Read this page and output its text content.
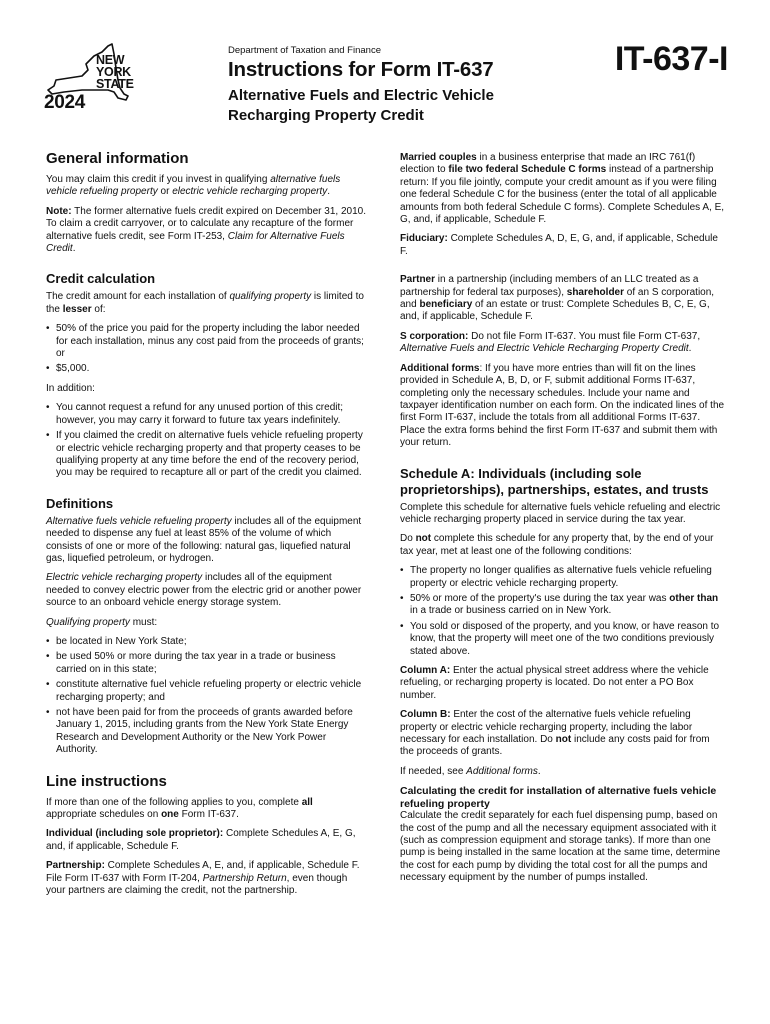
NEW
YORK
STATE
2024
Department of Taxation and Finance
Instructions for Form IT-637
Alternative Fuels and Electric Vehicle Recharging Property Credit
IT-637-I
General information

You may claim this credit if you invest in qualifying alternative fuels vehicle refueling property or electric vehicle recharging property.

Note: The former alternative fuels credit expired on December 31, 2010. To claim a credit carryover, or to calculate any recapture of the former alternative fuels credit, see Form IT-253, Claim for Alternative Fuels Credit.

Credit calculation

The credit amount for each installation of qualifying property is limited to the lesser of:

• 50% of the price you paid for the property including the labor needed for each installation, minus any cost paid from the proceeds of grants; or
• $5,000.

In addition:

• You cannot request a refund for any unused portion of this credit; however, you may carry it forward to future tax years indefinitely.
• If you claimed the credit on alternative fuels vehicle refueling property or electric vehicle recharging property and that property ceases to be qualifying property at any time before the end of the recovery period, you may be required to recapture all or part of the credit you claimed.
Definitions

Alternative fuels vehicle refueling property includes all of the equipment needed to dispense any fuel at least 85% of the volume of which consists of one or more of the following: natural gas, liquefied natural gas, liquefied petroleum, or hydrogen.

Electric vehicle recharging property includes all of the equipment needed to convey electric power from the electric grid or another power source to an onboard vehicle energy storage system.

Qualifying property must:

• be located in New York State;
• be used 50% or more during the tax year in a trade or business carried on in this state;
• constitute alternative fuel vehicle refueling property or electric vehicle recharging property; and
• not have been paid for from the proceeds of grants awarded before January 1, 2015, including grants from the New York State Energy Research and Development Authority or the New York Power Authority.
Line instructions

If more than one of the following applies to you, complete all appropriate schedules on one Form IT-637.

Individual (including sole proprietor): Complete Schedules A, E, G, and, if applicable, Schedule F.

Partnership: Complete Schedules A, E, and, if applicable, Schedule F. File Form IT-637 with Form IT-204, Partnership Return, even though your partners are claiming the credit, not the partnership.

Married couples in a business enterprise that made an IRC 761(f) election to file two federal Schedule C forms instead of a partnership return: If you file jointly, compute your credit amount as if you were filing one federal Schedule C for the business (enter the total of all applicable amounts from both federal Schedule C forms). Complete Schedules A, E, G, and, if applicable, Schedule F.

Fiduciary: Complete Schedules A, D, E, G, and, if applicable, Schedule F.

Partner in a partnership (including members of an LLC treated as a partnership for federal tax purposes), shareholder of an S corporation, and beneficiary of an estate or trust: Complete Schedules B, C, E, G, and, if applicable, Schedule F.

S corporation: Do not file Form IT-637. You must file Form CT-637, Alternative Fuels and Electric Vehicle Recharging Property Credit.

Additional forms: If you have more entries than will fit on the lines provided in Schedule A, B, D, or F, submit additional Forms IT-637, completing only the necessary schedules. Include your name and taxpayer identification number on each form. On the indicated lines of the first Form IT-637, include the totals from all additional Forms IT-637. Place the extra forms behind the first Form IT-637 and submit them with your return.

Schedule A: Individuals (including sole proprietorships), partnerships, estates, and trusts

Complete this schedule for alternative fuels vehicle refueling and electric vehicle recharging property placed in service during the tax year.

Do not complete this schedule for any property that, by the end of your tax year, met at least one of the following conditions:

• The property no longer qualifies as alternative fuels vehicle refueling property or electric vehicle recharging property.
• 50% or more of the property's use during the tax year was other than in a trade or business carried on in New York.
• You sold or disposed of the property, and you know, or have reason to know, that the property will meet one of the two conditions previously stated above.

Column A: Enter the actual physical street address where the vehicle refueling, or recharging property is located. Do not enter a PO Box number.

Column B: Enter the cost of the alternative fuels vehicle refueling property or electric vehicle recharging property, including the labor necessary for each installation. Do not include any costs paid for from the proceeds of grants.

If needed, see Additional forms.

Calculating the credit for installation of alternative fuels vehicle refueling property

Calculate the credit separately for each fuel dispensing pump, based on the cost of the pump and all the necessary equipment associated with it (such as compression equipment and storage tanks). If more than one pump is being installed in the same location at the same time, determine the cost for each pump by dividing the total cost for all the pumps and necessary equipment by the number of pumps installed.
